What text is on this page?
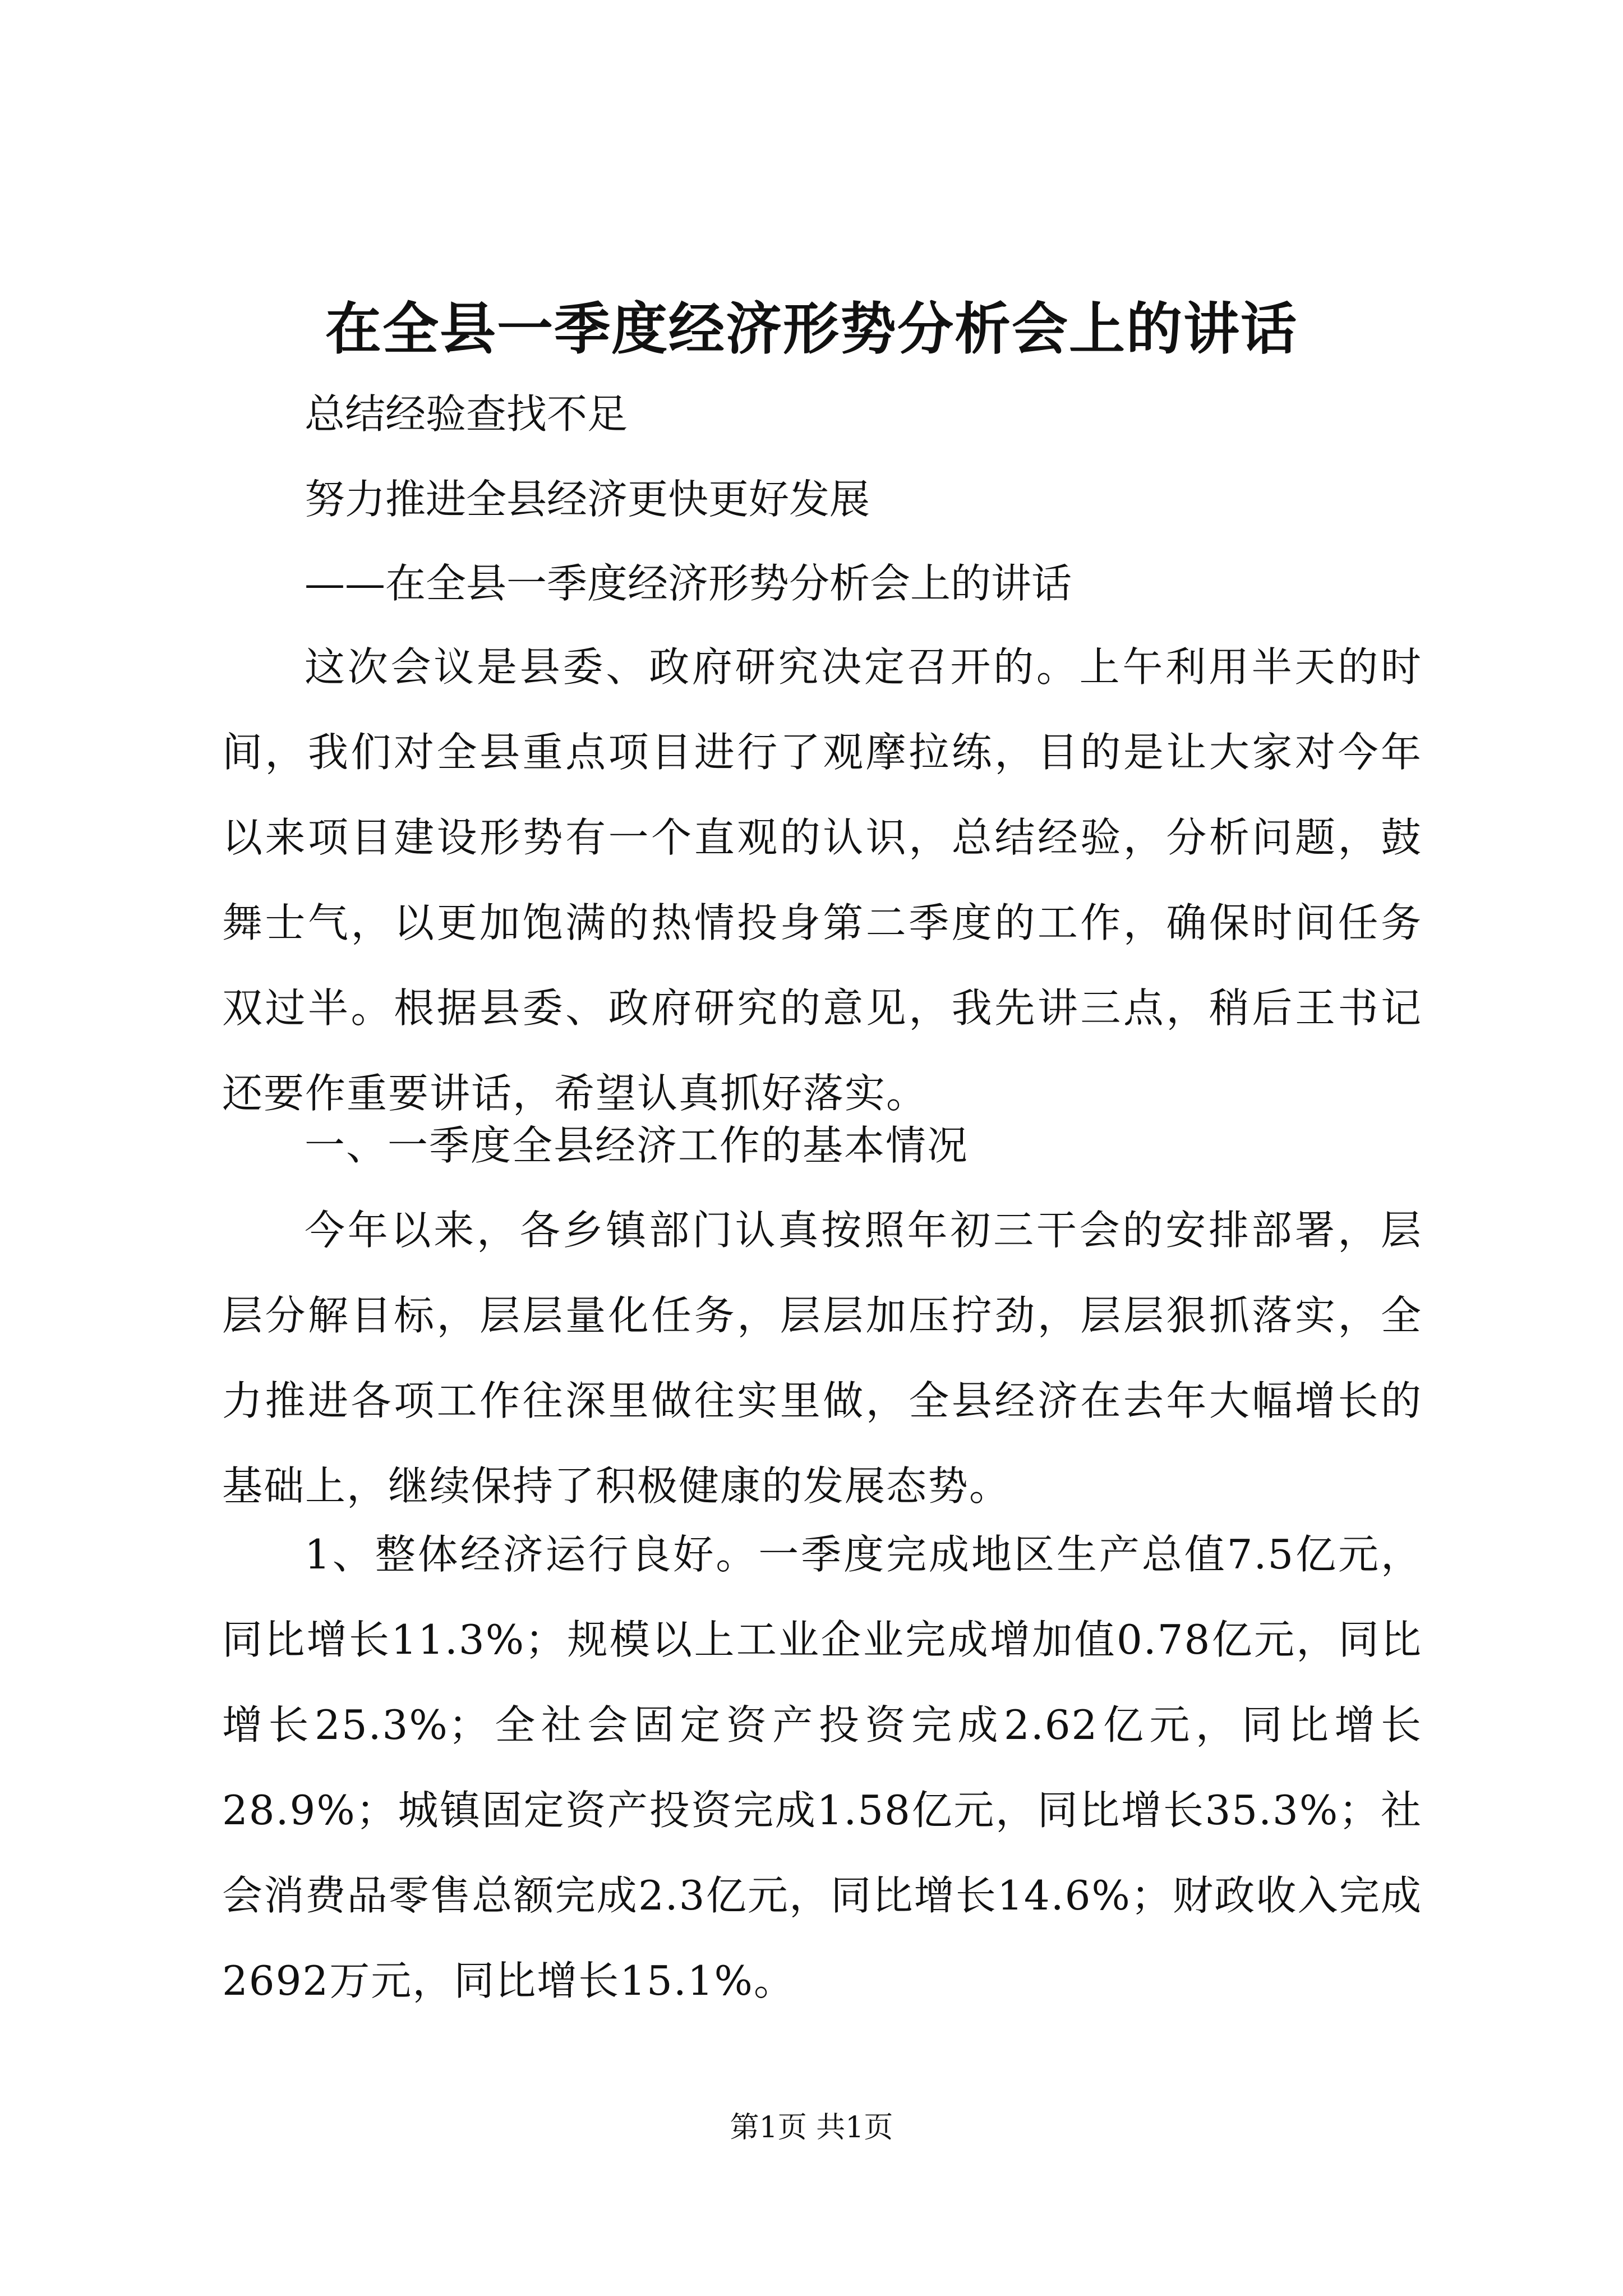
在全县一季度经济形势分析会上的讲话

总结经验查找不足

努力推进全县经济更快更好发展

——在全县一季度经济形势分析会上的讲话

这次会议是县委、政府研究决定召开的。上午利用半天的时间，我们对全县重点项目进行了观摩拉练，目的是让大家对今年以来项目建设形势有一个直观的认识，总结经验，分析问题，鼓舞士气，以更加饱满的热情投身第二季度的工作，确保时间任务双过半。根据县委、政府研究的意见，我先讲三点，稍后王书记还要作重要讲话，希望认真抓好落实。

一、一季度全县经济工作的基本情况

今年以来，各乡镇部门认真按照年初三干会的安排部署，层层分解目标，层层量化任务，层层加压拧劲，层层狠抓落实，全力推进各项工作往深里做往实里做，全县经济在去年大幅增长的基础上，继续保持了积极健康的发展态势。

1、整体经济运行良好。一季度完成地区生产总值7.5亿元，同比增长11.3%；规模以上工业企业完成增加值0.78亿元，同比增长25.3%；全社会固定资产投资完成2.62亿元，同比增长28.9%；城镇固定资产投资完成1.58亿元，同比增长35.3%；社会消费品零售总额完成2.3亿元，同比增长14.6%；财政收入完成2692万元，同比增长15.1%。

第1页 共1页
